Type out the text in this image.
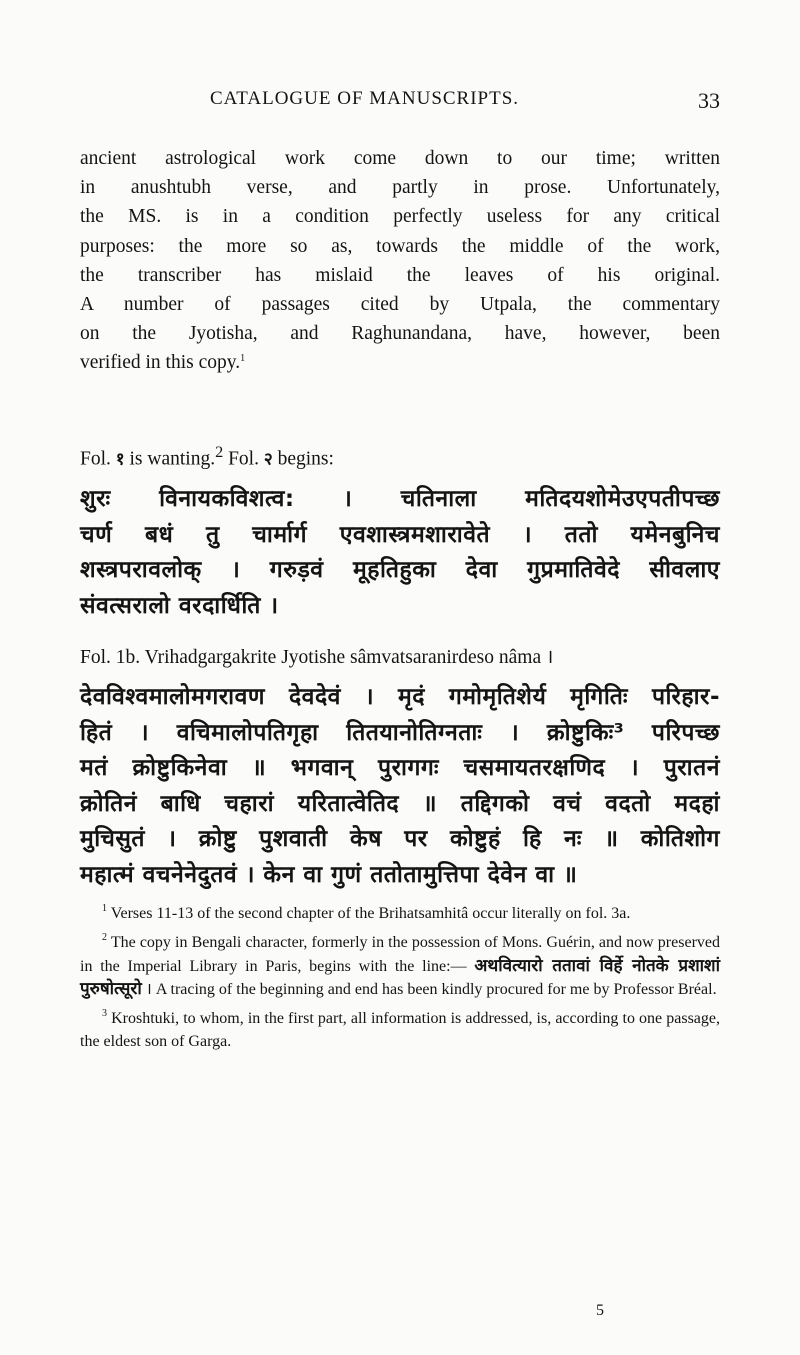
CATALOGUE OF MANUSCRIPTS.	33
ancient astrological work come down to our time; written
in anushtubh verse, and partly in prose. Unfortunately,
the MS. is in a condition perfectly useless for any critical
purposes: the more so as, towards the middle of the work,
the transcriber has mislaid the leaves of his original.
A number of passages cited by Utpala, the commentary
on the Jyotisha, and Raghunandana, have, however, been
verified in this copy.$^1$
Fol. १ is wanting.$^2$ Fol. २ begins:
शुरः विनायकविशत्व: । चतिनाला मतिदयशोमेउएपतीपच्छ
चर्ण बधं तु चार्मार्ग एवशास्त्रमशारावेते । ततो यमेनबुनिच
शस्त्रपरावलोक् । गरुड़वं मूहतिहुका देवा गुप्रमातिवेदे सीवलाए
संवत्सरालो वरदार्धिति ।
Fol. 1b. Vrihadgargakrite Jyotishe sâmvatsaranirdeso nâma ।
देवविश्वमालोमगरावण देवदेवं । मृदं गमोमृतिशेर्य मृगितिः परिहार-
हितं । वचिमालोपतिगृहा तितयानोतिग्नताः । क्रोष्टुकिः³ परिपच्छ
मतं क्रोष्टुकिनेवा ॥ भगवान् पुरागगः चसमायतरक्षणिद । पुरातनं
क्रोतिनं बाधि चहारां यरितात्वेतिद ॥ तद्दिगको वचं वदतो मदहां
मुचिसुतं । क्रोष्टु पुशवाती केष पर कोष्टुहं हि नः ॥ कोतिशोग
महात्मं वचनेनेदुतवं । केन वा गुणं ततोतामुत्तिपा देवेन वा ॥

$^1$ Verses 11-13 of the second chapter of the Brihatsamhitâ occur literally on fol. 3a.

$^2$ The copy in Bengali character, formerly in the possession of Mons. Guérin, and now preserved in the Imperial Library in Paris, begins with the line:— अथवित्यारो ततावां विर्हे नोतके प्रशाशां पुरुषोत्सूरो । A tracing of the beginning and end has been kindly procured for me by Professor Bréal.

$^3$ Kroshtuki, to whom, in the first part, all information is addressed, is, according to one passage, the eldest son of Garga.

5
